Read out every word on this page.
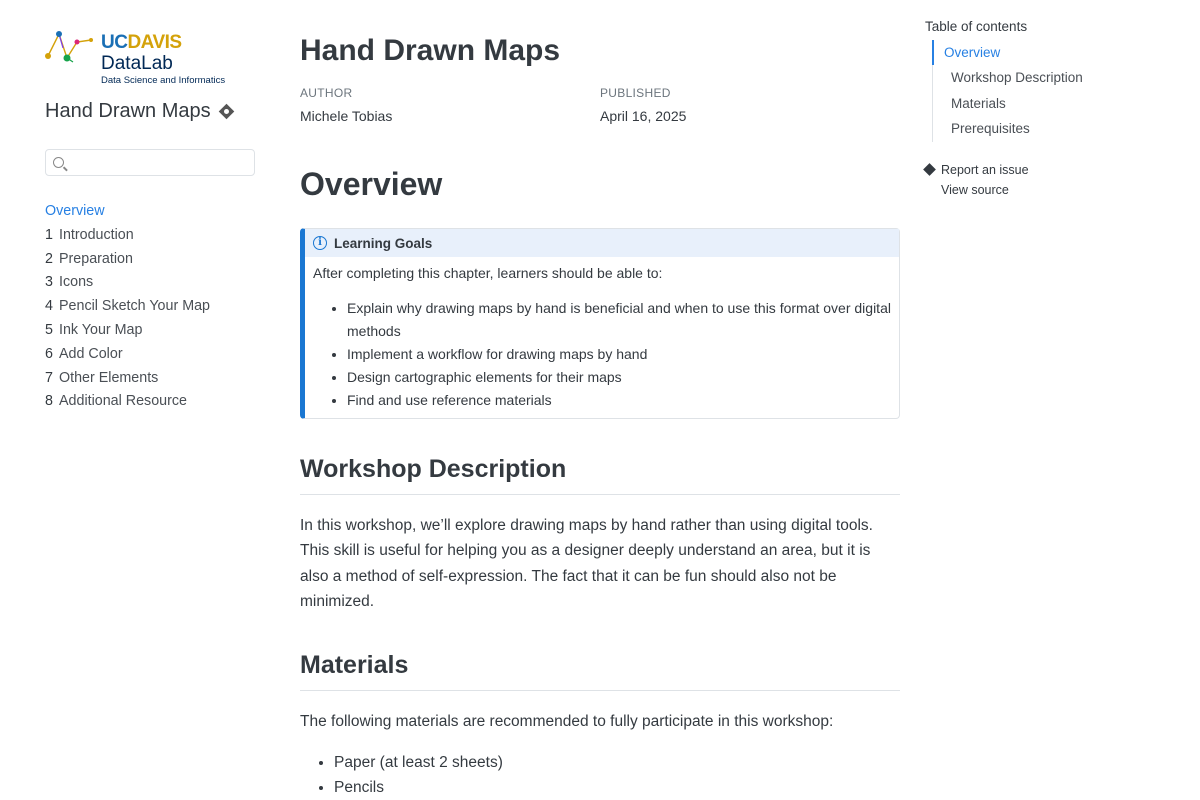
UCDAVIS
DataLab
Data Science and Informatics
Hand Drawn Maps
Overview
1 Introduction
2 Preparation
3 Icons
4 Pencil Sketch Your Map
5 Ink Your Map
6 Add Color
7 Other Elements
8 Additional Resource
Hand Drawn Maps
AUTHOR
Michele Tobias
PUBLISHED
April 16, 2025
Overview
i Learning Goals

After completing this chapter, learners should be able to:

• Explain why drawing maps by hand is beneficial and when to use this format over digital methods
• Implement a workflow for drawing maps by hand
• Design cartographic elements for their maps
• Find and use reference materials
Workshop Description

In this workshop, we’ll explore drawing maps by hand rather than using digital tools. This skill is useful for helping you as a designer deeply understand an area, but it is also a method of self-expression. The fact that it can be fun should also not be minimized.

Materials

The following materials are recommended to fully participate in this workshop:

• Paper (at least 2 sheets)
• Pencils
Table of contents
Overview
Workshop Description
Materials
Prerequisites
Report an issue
View source
